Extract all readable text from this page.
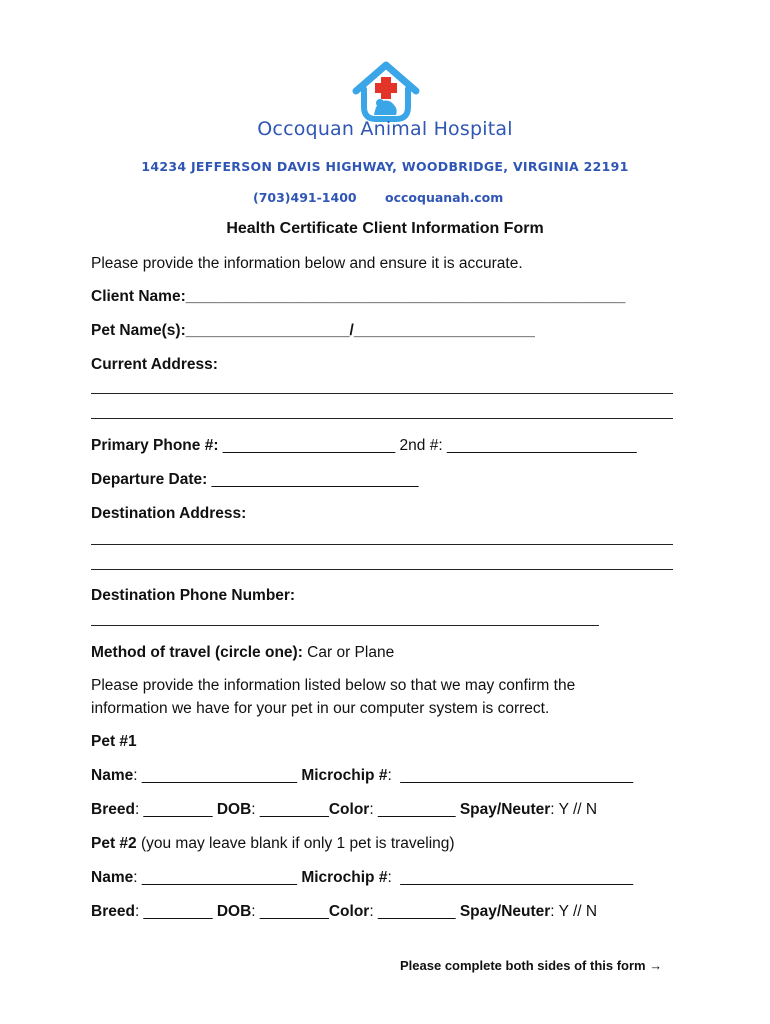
Occoquan Animal Hospital
14234 JEFFERSON DAVIS HIGHWAY, WOODBRIDGE, VIRGINIA 22191
(703)491-1400 occoquanah.com
Health Certificate Client Information Form
Please provide the information below and ensure it is accurate.
Client Name:___________________________________________________
Pet Name(s):___________________/_____________________
Current Address:
Primary Phone #: ____________________ 2nd #: ______________________
Departure Date: ________________________
Destination Address:
Destination Phone Number:
Method of travel (circle one): Car or Plane
Please provide the information listed below so that we may confirm the
information we have for your pet in our computer system is correct.
Pet #1
Name: __________________ Microchip #:  ___________________________
Breed: ________ DOB: ________Color: _________ Spay/Neuter: Y // N
Pet #2 (you may leave blank if only 1 pet is traveling)
Name: __________________ Microchip #:  ___________________________
Breed: ________ DOB: ________Color: _________ Spay/Neuter: Y // N
Please complete both sides of this form →
